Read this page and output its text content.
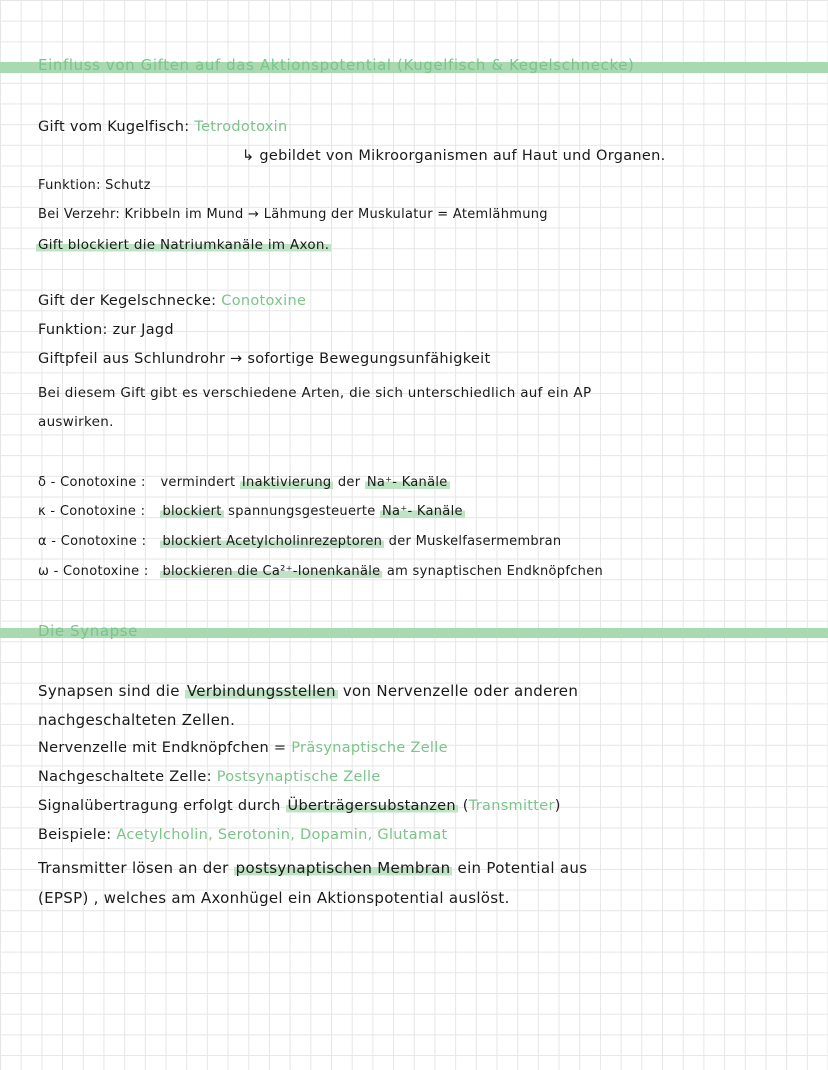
Einfluss von Giften auf das Aktionspotential (Kugelfisch & Kegelschnecke)
Gift vom Kugelfisch: Tetrodotoxin
↳ gebildet von Mikroorganismen auf Haut und Organen.
Funktion: Schutz
Bei Verzehr: Kribbeln im Mund → Lähmung der Muskulatur = Atemlähmung
Gift blockiert die Natriumkanäle im Axon.
Gift der Kegelschnecke: Conotoxine
Funktion: zur Jagd
Giftpfeil aus Schlundrohr → sofortige Bewegungsunfähigkeit
Bei diesem Gift gibt es verschiedene Arten, die sich unterschiedlich auf ein AP
auswirken.
δ - Conotoxine : vermindert Inaktivierung der Na⁺- Kanäle
κ - Conotoxine : blockiert spannungsgesteuerte Na⁺- Kanäle
α - Conotoxine : blockiert Acetylcholinrezeptoren der Muskelfasermembran
ω - Conotoxine : blockieren die Ca²⁺-Ionenkanäle am synaptischen Endknöpfchen
Die Synapse
Synapsen sind die Verbindungsstellen von Nervenzelle oder anderen
nachgeschalteten Zellen.
Nervenzelle mit Endknöpfchen = Präsynaptische Zelle
Nachgeschaltete Zelle: Postsynaptische Zelle
Signalübertragung erfolgt durch Überträgersubstanzen (Transmitter)
Beispiele: Acetylcholin, Serotonin, Dopamin, Glutamat
Transmitter lösen an der postsynaptischen Membran ein Potential aus
(EPSP) , welches am Axonhügel ein Aktionspotential auslöst.
